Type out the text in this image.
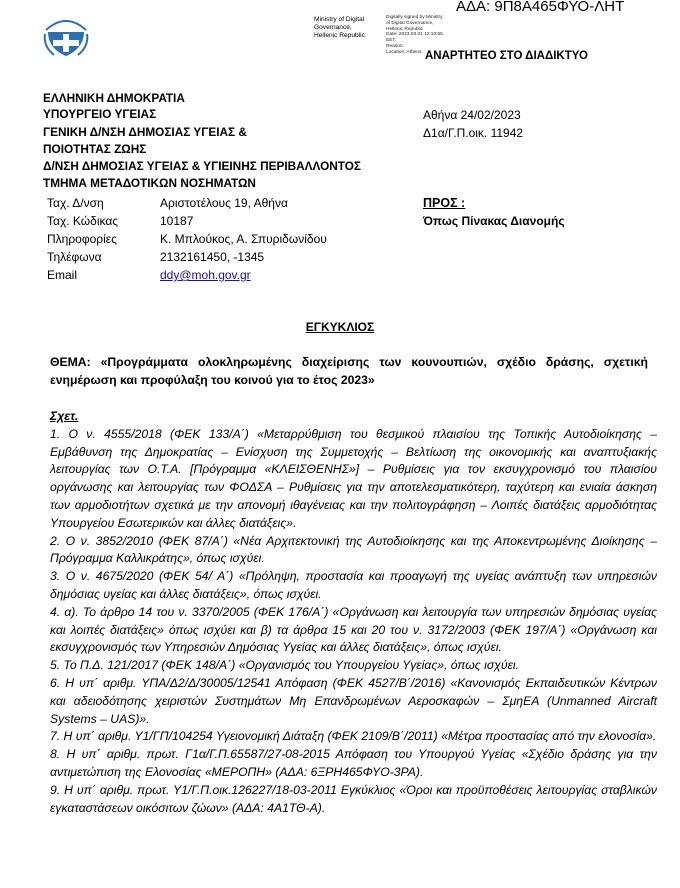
ΑΔΑ: 9Π8Α465ΦΥΟ-ΛΗΤ
Ministry of Digital
Governance,
Hellenic Republic
Digitally signed by Ministry
of Digital Governance,
Hellenic Republic
Date: 2023.03.01 12:10:55
EET
Reason:
Location: Athens ΑΝΑΡΤΗΤΕΟ ΣΤΟ ΔΙΑΔΙΚΤΥΟ
ΕΛΛΗΝΙΚΗ ΔΗΜΟΚΡΑΤΙΑ
ΥΠΟΥΡΓΕΙΟ ΥΓΕΙΑΣ
ΓΕΝΙΚΗ Δ/ΝΣΗ ΔΗΜΟΣΙΑΣ ΥΓΕΙΑΣ &
ΠΟΙΟΤΗΤΑΣ ΖΩΗΣ
Δ/ΝΣΗ ΔΗΜΟΣΙΑΣ ΥΓΕΙΑΣ & ΥΓΙΕΙΝΗΣ ΠΕΡΙΒΑΛΛΟΝΤΟΣ
ΤΜΗΜΑ ΜΕΤΑΔΟΤΙΚΩΝ ΝΟΣΗΜΑΤΩΝ
Αθήνα 24/02/2023
Δ1α/Γ.Π.οικ. 11942
Ταχ. Δ/νση
Ταχ. Κώδικας
Πληροφορίες
Τηλέφωνα
Email
Αριστοτέλους 19, Αθήνα
10187
Κ. Μπλούκος, Α. Σπυριδωνίδου
2132161450, -1345
ddy@moh.gov.gr
ΠΡΟΣ :
Όπως Πίνακας Διανομής
ΕΓΚΥΚΛΙΟΣ
ΘΕΜΑ: «Προγράμματα ολοκληρωμένης διαχείρισης των κουνουπιών, σχέδιο δράσης, σχετική ενημέρωση και προφύλαξη του κοινού για το έτος 2023»

Σχετ.

1. Ο ν. 4555/2018 (ΦΕΚ 133/Α΄) «Μεταρρύθμιση του θεσμικού πλαισίου της Τοπικής Αυτοδιοίκησης – Εμβάθυνση της Δημοκρατίας – Ενίσχυση της Συμμετοχής – Βελτίωση της οικονομικής και αναπτυξιακής λειτουργίας των Ο.Τ.Α. [Πρόγραμμα «ΚΛΕΙΣΘΕΝΗΣ»] – Ρυθμίσεις για τον εκσυγχρονισμό του πλαισίου οργάνωσης και λειτουργίας των ΦΟΔΣΑ – Ρυθμίσεις για την αποτελεσματικότερη, ταχύτερη και ενιαία άσκηση των αρμοδιοτήτων σχετικά με την απονομή ιθαγένειας και την πολιτογράφηση – Λοιπές διατάξεις αρμοδιότητας Υπουργείου Εσωτερικών και άλλες διατάξεις».

2. Ο ν. 3852/2010 (ΦΕΚ 87/Α΄) «Νέα Αρχιτεκτονική της Αυτοδιοίκησης και της Αποκεντρωμένης Διοίκησης – Πρόγραμμα Καλλικράτης», όπως ισχύει.

3. Ο ν. 4675/2020 (ΦΕΚ 54/ Α΄) «Πρόληψη, προστασία και προαγωγή της υγείας ανάπτυξη των υπηρεσιών δημόσιας υγείας και άλλες διατάξεις», όπως ισχύει.

4. α). Το άρθρο 14 του ν. 3370/2005 (ΦΕΚ 176/Α΄) «Οργάνωση και λειτουργία των υπηρεσιών δημόσιας υγείας και λοιπές διατάξεις» όπως ισχύει και β) τα άρθρα 15 και 20 του ν. 3172/2003 (ΦΕΚ 197/Α΄) «Οργάνωση και εκσυγχρονισμός των Υπηρεσιών Δημόσιας Υγείας και άλλες διατάξεις», όπως ισχύει.

5. Το Π.Δ. 121/2017 (ΦΕΚ 148/Α΄) «Οργανισμός του Υπουργείου Υγείας», όπως ισχύει.

6. Η υπ΄ αριθμ. ΥΠΑ/Δ2/Δ/30005/12541 Απόφαση (ΦΕΚ 4527/Β΄/2016) «Κανονισμός Εκπαιδευτικών Κέντρων και αδειοδότησης χειριστών Συστημάτων Μη Επανδρωμένων Αεροσκαφών – ΣμηΕΑ (Unmanned Aircraft Systems – UAS)».

7. Η υπ΄ αριθμ. Υ1/ΓΠ/104254 Υγειονομική Διάταξη (ΦΕΚ 2109/Β΄/2011) «Μέτρα προστασίας από την ελονοσία».

8. Η υπ΄ αριθμ. πρωτ. Γ1α/Γ.Π.65587/27-08-2015 Απόφαση του Υπουργού Υγείας «Σχέδιο δράσης για την αντιμετώπιση της Ελονοσίας «ΜΕΡΟΠΗ» (ΑΔΑ: 6ΞΡΗ465ΦΥΟ-3ΡΑ).

9. Η υπ΄ αριθμ. πρωτ. Υ1/Γ.Π.οικ.126227/18-03-2011 Εγκύκλιος «Όροι και προϋποθέσεις λειτουργίας σταβλικών εγκαταστάσεων οικόσιτων ζώων» (ΑΔΑ: 4Α1ΤΘ-Α).
